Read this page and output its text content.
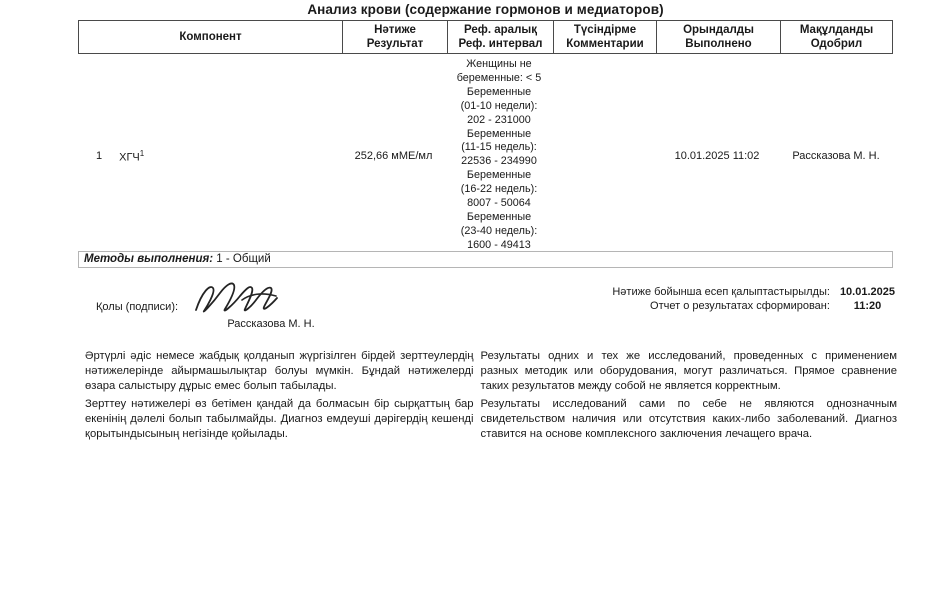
Анализ крови (содержание гормонов и медиаторов)
Компонент
Нәтиже
Результат
Реф. аралық
Реф. интервал
Түсіндірме
Комментарии
Орындалды
Выполнено
Мақұлданды
Одобрил
1 ХГЧ$^1$	252,66 мМЕ/мл
Женщины не
беременные: < 5
Беременные
(01-10 недели):
202 - 231000
Беременные
(11-15 недель):
22536 - 234990
Беременные
(16-22 недель):
8007 - 50064
Беременные
(23-40 недель):
1600 - 49413
10.01.2025 11:02	Рассказова М. Н.
Методы выполнения: 1 - Общий
Қолы (подписи):
Рассказова М. Н.
Нәтиже бойынша есеп қалыптастырылды:
Отчет о результатах сформирован:
10.01.2025
11:20

Әртүрлі әдіс немесе жабдық қолданып жүргізілген бірдей зерттеулердің нәтижелерінде айырмашылықтар болуы мүмкін. Бұндай нәтижелерді өзара салыстыру дұрыс емес болып табылады.

Зерттеу нәтижелері өз бетімен қандай да болмасын бір сырқаттың бар екенінің дәлелі болып табылмайды. Диагноз емдеуші дәрігердің кешенді қорытындысының негізінде қойылады.

Результаты одних и тех же исследований, проведенных с применением разных методик или оборудования, могут различаться. Прямое сравнение таких результатов между собой не является корректным.

Результаты исследований сами по себе не являются однозначным свидетельством наличия или отсутствия каких-либо заболеваний. Диагноз ставится на основе комплексного заключения лечащего врача.
